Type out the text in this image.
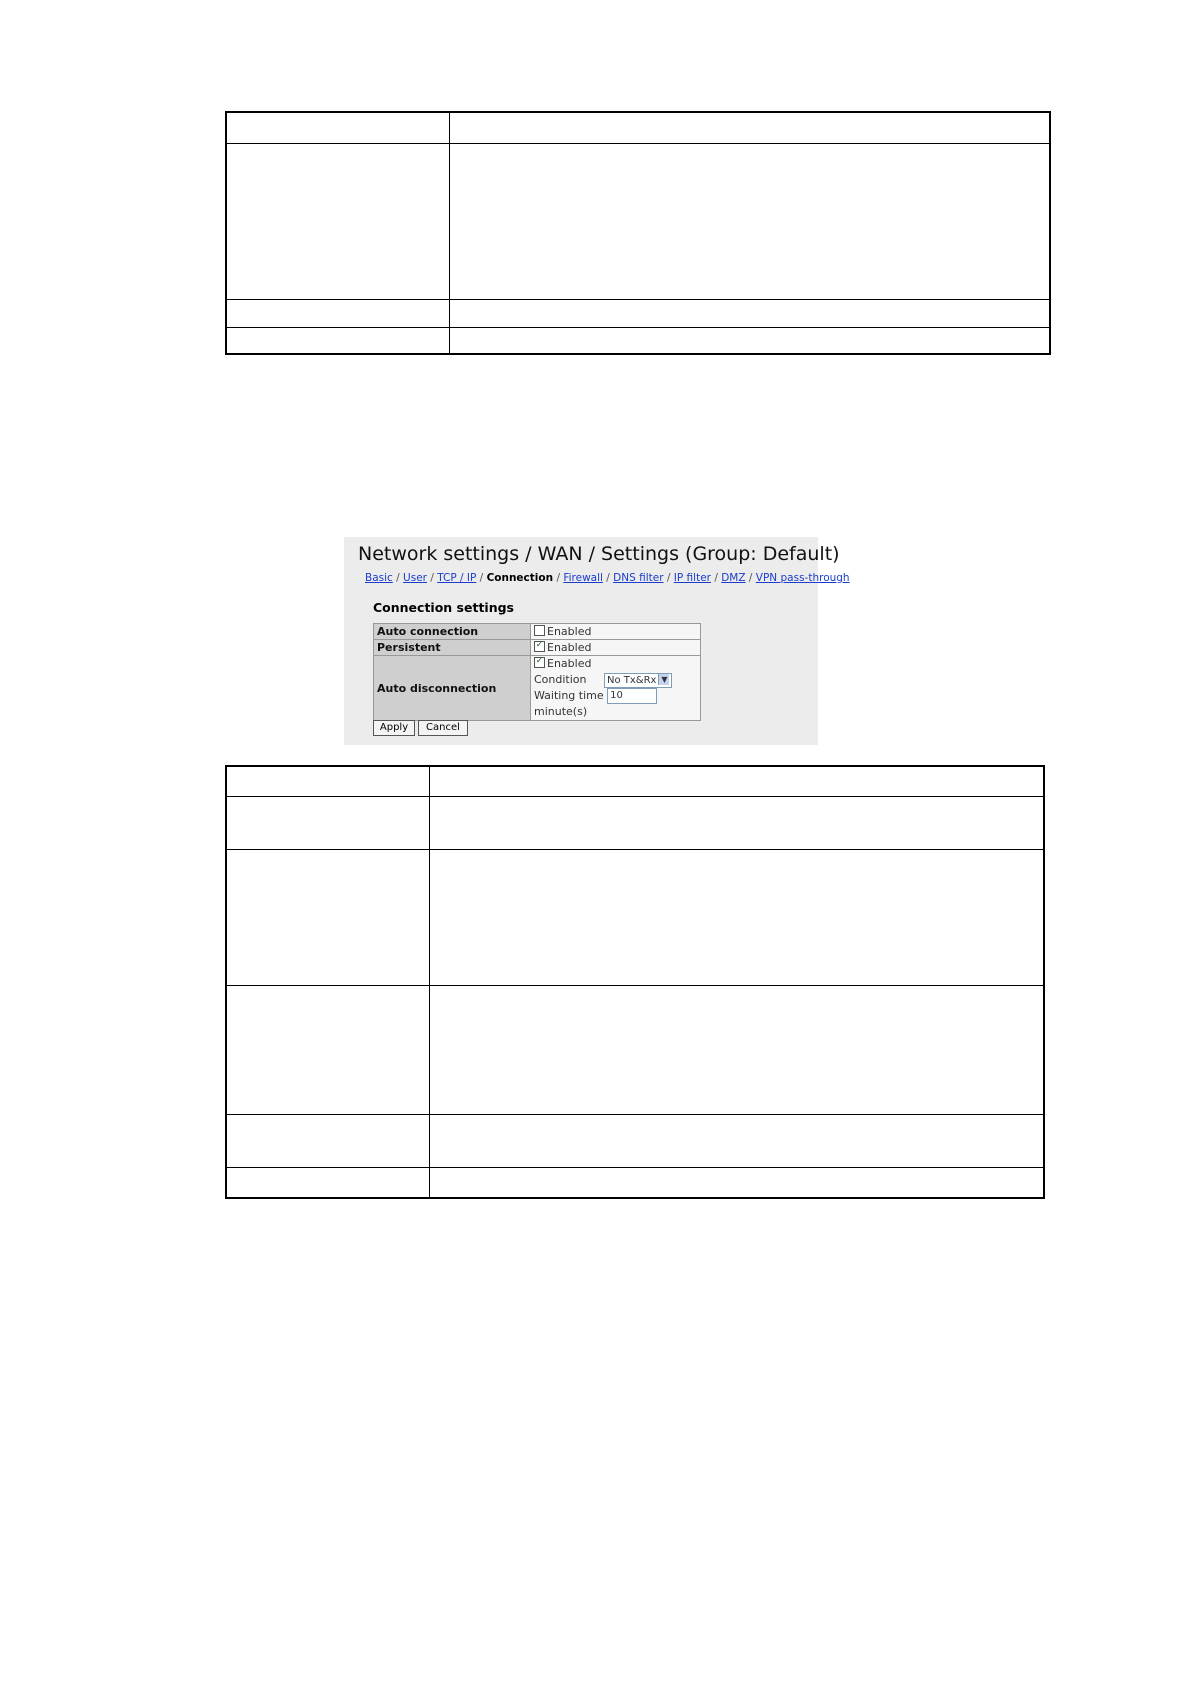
Network settings / WAN / Settings (Group: Default)
Basic / User / TCP / IP / Connection / Firewall / DNS filter / IP filter / DMZ / VPN pass-through
Connection settings
Auto connection	Enabled
Persistent	✓Enabled
Auto disconnection	
✓Enabled
Condition No Tx&Rx ▼
Waiting time 10 minute(s)
Apply	Cancel
